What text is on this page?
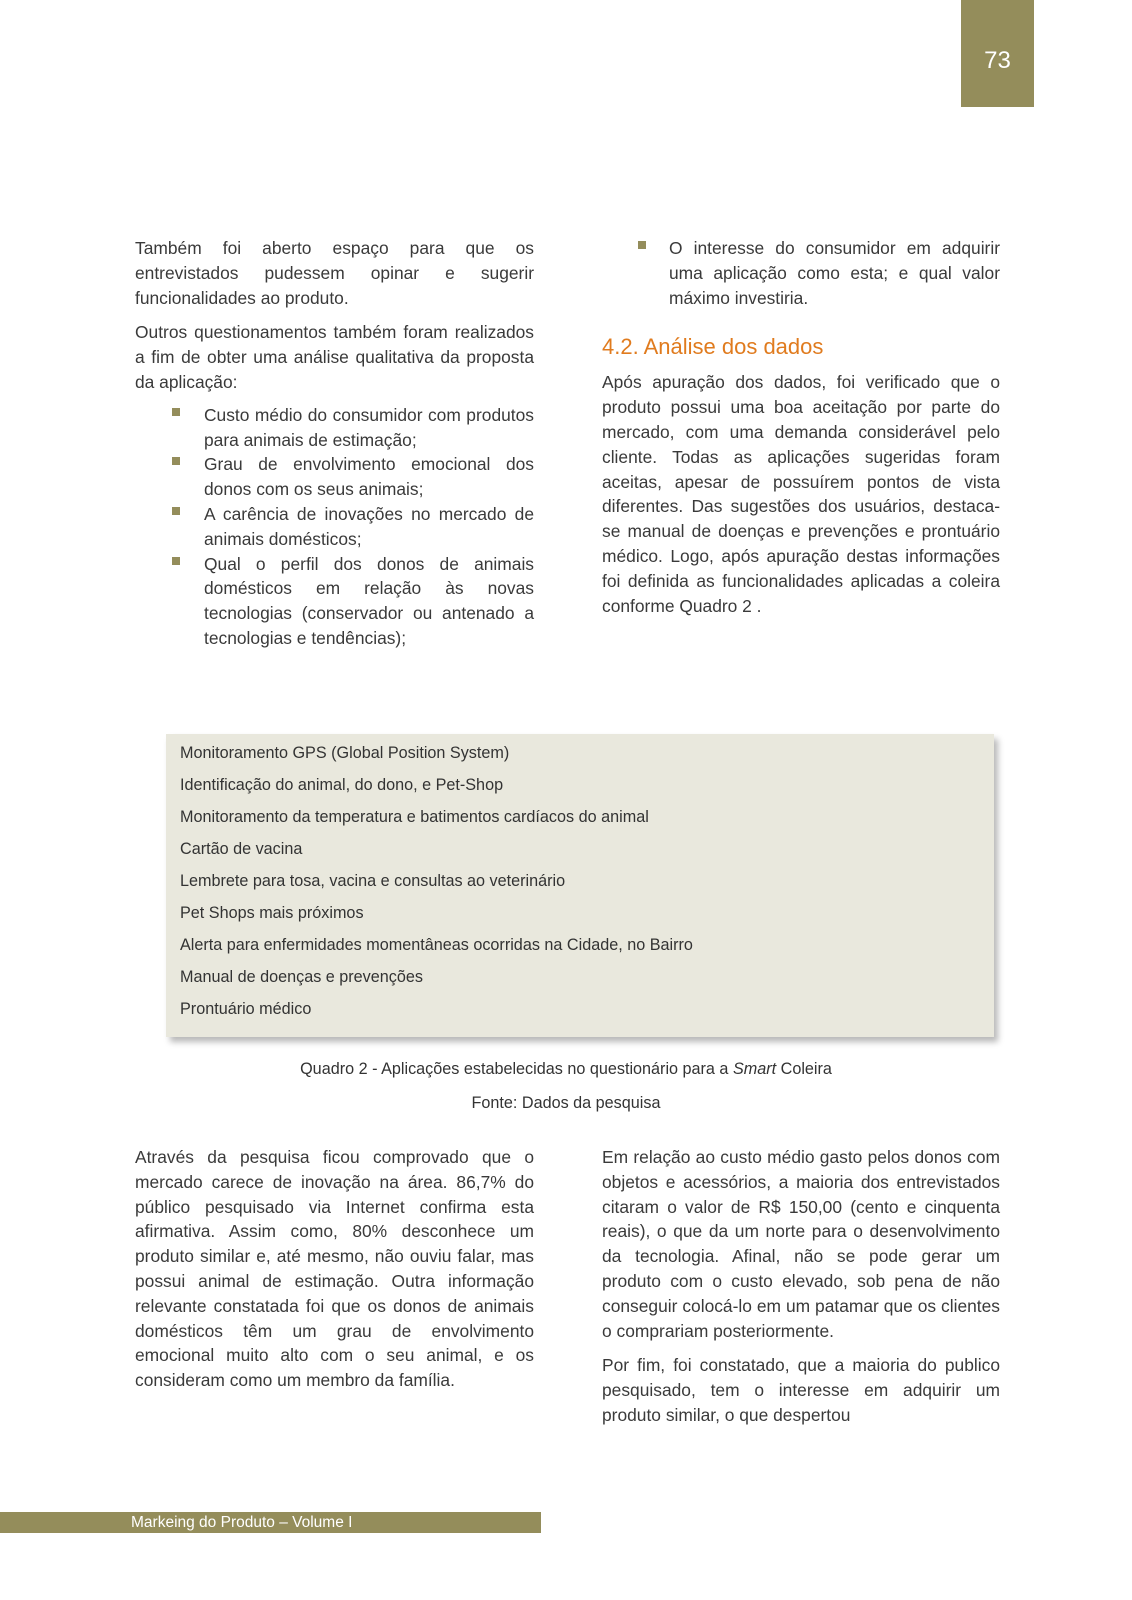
73

Também foi aberto espaço para que os entrevistados pudessem opinar e sugerir funcionalidades ao produto.

Outros questionamentos também foram realizados a fim de obter uma análise qualitativa da proposta da aplicação:

Custo médio do consumidor com produtos para animais de estimação;
Grau de envolvimento emocional dos donos com os seus animais;
A carência de inovações no mercado de animais domésticos;
Qual o perfil dos donos de animais domésticos em relação às novas tecnologias (conservador ou antenado a tecnologias e tendências);
O interesse do consumidor em adquirir uma aplicação como esta; e qual valor máximo investiria.
4.2. Análise dos dados

Após apuração dos dados, foi verificado que o produto possui uma boa aceitação por parte do mercado, com uma demanda considerável pelo cliente. Todas as aplicações sugeridas foram aceitas, apesar de possuírem pontos de vista diferentes. Das sugestões dos usuários, destaca-se manual de doenças e prevenções e prontuário médico. Logo, após apuração destas informações foi definida as funcionalidades aplicadas a coleira conforme Quadro 2 .

Monitoramento GPS (Global Position System)
Identificação do animal, do dono, e Pet-Shop
Monitoramento da temperatura e batimentos cardíacos do animal
Cartão de vacina
Lembrete para tosa, vacina e consultas ao veterinário
Pet Shops mais próximos
Alerta para enfermidades momentâneas ocorridas na Cidade, no Bairro
Manual de doenças e prevenções
Prontuário médico
Quadro 2 - Aplicações estabelecidas no questionário para a Smart Coleira
Fonte: Dados da pesquisa

Através da pesquisa ficou comprovado que o mercado carece de inovação na área. 86,7% do público pesquisado via Internet confirma esta afirmativa. Assim como, 80% desconhece um produto similar e, até mesmo, não ouviu falar, mas possui animal de estimação. Outra informação relevante constatada foi que os donos de animais domésticos têm um grau de envolvimento emocional muito alto com o seu animal, e os consideram como um membro da família.

Em relação ao custo médio gasto pelos donos com objetos e acessórios, a maioria dos entrevistados citaram o valor de R$ 150,00 (cento e cinquenta reais), o que da um norte para o desenvolvimento da tecnologia. Afinal, não se pode gerar um produto com o custo elevado, sob pena de não conseguir colocá-lo em um patamar que os clientes o comprariam posteriormente.

Por fim, foi constatado, que a maioria do publico pesquisado, tem o interesse em adquirir um produto similar, o que despertou

Markeing do Produto – Volume I
